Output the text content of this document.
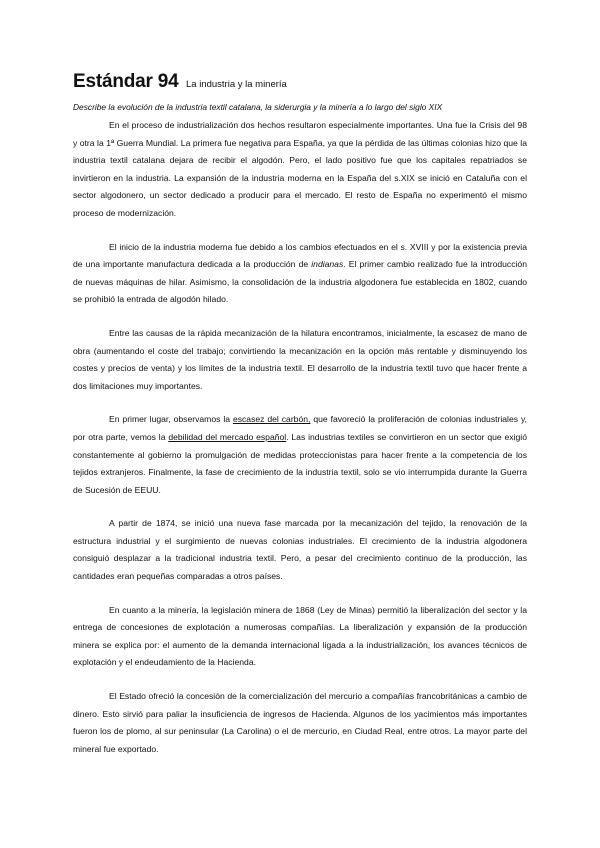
Estándar 94 La industria y la minería
Describe la evolución de la industria textil catalana, la siderurgia y la minería a lo largo del siglo XIX

En el proceso de industrialización dos hechos resultaron especialmente importantes. Una fue la Crisis del 98 y otra la 1ª Guerra Mundial. La primera fue negativa para España, ya que la pérdida de las últimas colonias hizo que la industria textil catalana dejara de recibir el algodón. Pero, el lado positivo fue que los capitales repatriados se invirtieron en la industria. La expansión de la industria moderna en la España del s.XIX se inició en Cataluña con el sector algodonero, un sector dedicado a producir para el mercado. El resto de España no experimentó el mismo proceso de modernización.

El inicio de la industria moderna fue debido a los cambios efectuados en el s. XVIII y por la existencia previa de una importante manufactura dedicada a la producción de indianas. El primer cambio realizado fue la introducción de nuevas máquinas de hilar. Asimismo, la consolidación de la industria algodonera fue establecida en 1802, cuando se prohibió la entrada de algodón hilado.

Entre las causas de la rápida mecanización de la hilatura encontramos, inicialmente, la escasez de mano de obra (aumentando el coste del trabajo; convirtiendo la mecanización en la opción más rentable y disminuyendo los costes y precios de venta) y los límites de la industria textil. El desarrollo de la industria textil tuvo que hacer frente a dos limitaciones muy importantes.

En primer lugar, observamos la escasez del carbón, que favoreció la proliferación de colonias industriales y, por otra parte, vemos la debilidad del mercado español. Las industrias textiles se convirtieron en un sector que exigió constantemente al gobierno la promulgación de medidas proteccionistas para hacer frente a la competencia de los tejidos extranjeros. Finalmente, la fase de crecimiento de la industria textil, solo se vio interrumpida durante la Guerra de Sucesión de EEUU.

A partir de 1874, se inició una nueva fase marcada por la mecanización del tejido, la renovación de la estructura industrial y el surgimiento de nuevas colonias industriales. El crecimiento de la industria algodonera consiguió desplazar a la tradicional industria textil. Pero, a pesar del crecimiento continuo de la producción, las cantidades eran pequeñas comparadas a otros países.

En cuanto a la minería, la legislación minera de 1868 (Ley de Minas) permitió la liberalización del sector y la entrega de concesiones de explotación a numerosas compañías. La liberalización y expansión de la producción minera se explica por: el aumento de la demanda internacional ligada a la industrialización, los avances técnicos de explotación y el endeudamiento de la Hacienda.

El Estado ofreció la concesión de la comercialización del mercurio a compañías francobritánicas a cambio de dinero. Esto sirvió para paliar la insuficiencia de ingresos de Hacienda. Algunos de los yacimientos más importantes fueron los de plomo, al sur peninsular (La Carolina) o el de mercurio, en Ciudad Real, entre otros. La mayor parte del mineral fue exportado.
